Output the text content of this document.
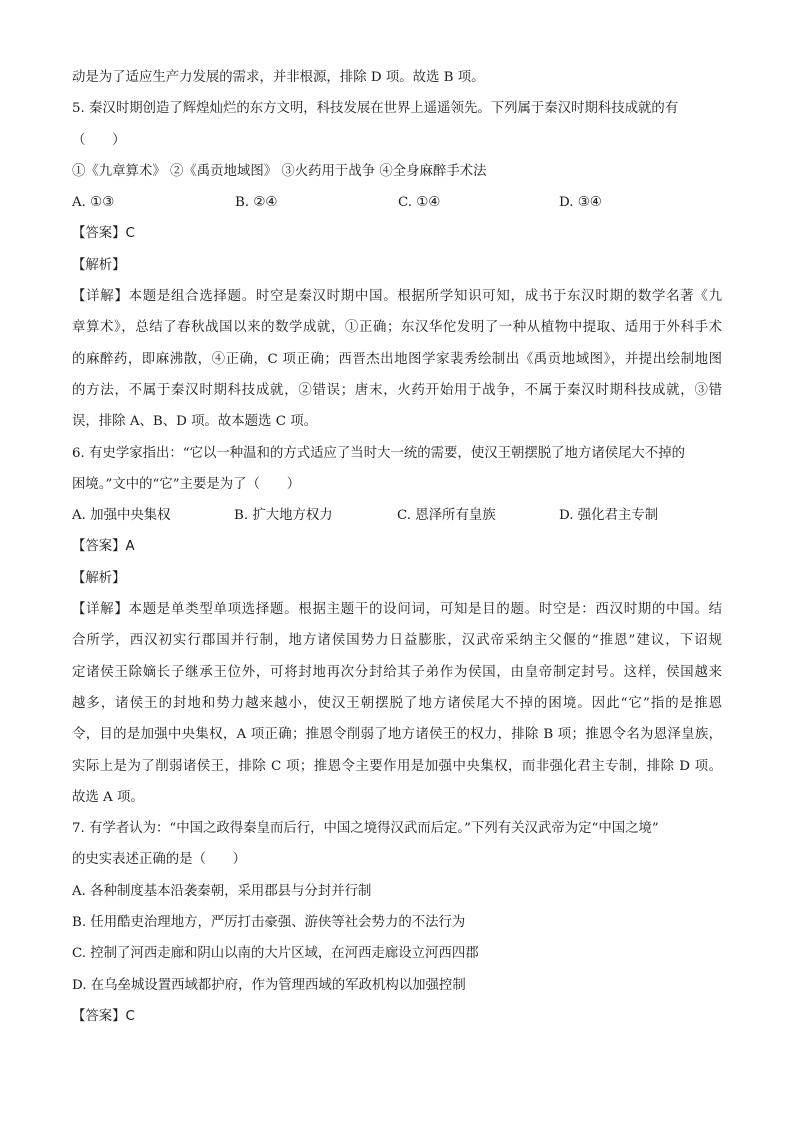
动是为了适应生产力发展的需求，并非根源，排除 D 项。故选 B 项。
5. 秦汉时期创造了辉煌灿烂的东方文明，科技发展在世界上遥遥领先。下列属于秦汉时期科技成就的有
（　　）
①《九章算术》 ②《禹贡地域图》 ③火药用于战争 ④全身麻醉手术法
A. ①③	B. ②④	C. ①④	D. ③④
【答案】C
【解析】
【详解】本题是组合选择题。时空是秦汉时期中国。根据所学知识可知，成书于东汉时期的数学名著《九
章算术》，总结了春秋战国以来的数学成就，①正确；东汉华佗发明了一种从植物中提取、适用于外科手术
的麻醉药，即麻沸散，④正确，C 项正确；西晋杰出地图学家裴秀绘制出《禹贡地域图》，并提出绘制地图
的方法，不属于秦汉时期科技成就，②错误；唐末，火药开始用于战争，不属于秦汉时期科技成就，③错
误，排除 A、B、D 项。故本题选 C 项。
6. 有史学家指出：“它以一种温和的方式适应了当时大一统的需要，使汉王朝摆脱了地方诸侯尾大不掉的
困境。”文中的“它”主要是为了（　　）
A. 加强中央集权	B. 扩大地方权力	C. 恩泽所有皇族	D. 强化君主专制
【答案】A
【解析】
【详解】本题是单类型单项选择题。根据主题干的设问词，可知是目的题。时空是：西汉时期的中国。结
合所学，西汉初实行郡国并行制，地方诸侯国势力日益膨胀，汉武帝采纳主父偃的“推恩”建议，下诏规
定诸侯王除嫡长子继承王位外，可将封地再次分封给其子弟作为侯国，由皇帝制定封号。这样，侯国越来
越多，诸侯王的封地和势力越来越小，使汉王朝摆脱了地方诸侯尾大不掉的困境。因此“它”指的是推恩
令，目的是加强中央集权，A 项正确；推恩令削弱了地方诸侯王的权力，排除 B 项；推恩令名为恩泽皇族，
实际上是为了削弱诸侯王，排除 C 项；推恩令主要作用是加强中央集权，而非强化君主专制，排除 D 项。
故选 A 项。
7. 有学者认为：“中国之政得秦皇而后行，中国之境得汉武而后定。”下列有关汉武帝为定“中国之境”
的史实表述正确的是（　　）
A. 各种制度基本沿袭秦朝，采用郡县与分封并行制
B. 任用酷吏治理地方，严厉打击豪强、游侠等社会势力的不法行为
C. 控制了河西走廊和阴山以南的大片区域，在河西走廊设立河西四郡
D. 在乌垒城设置西域都护府，作为管理西域的军政机构以加强控制
【答案】C
